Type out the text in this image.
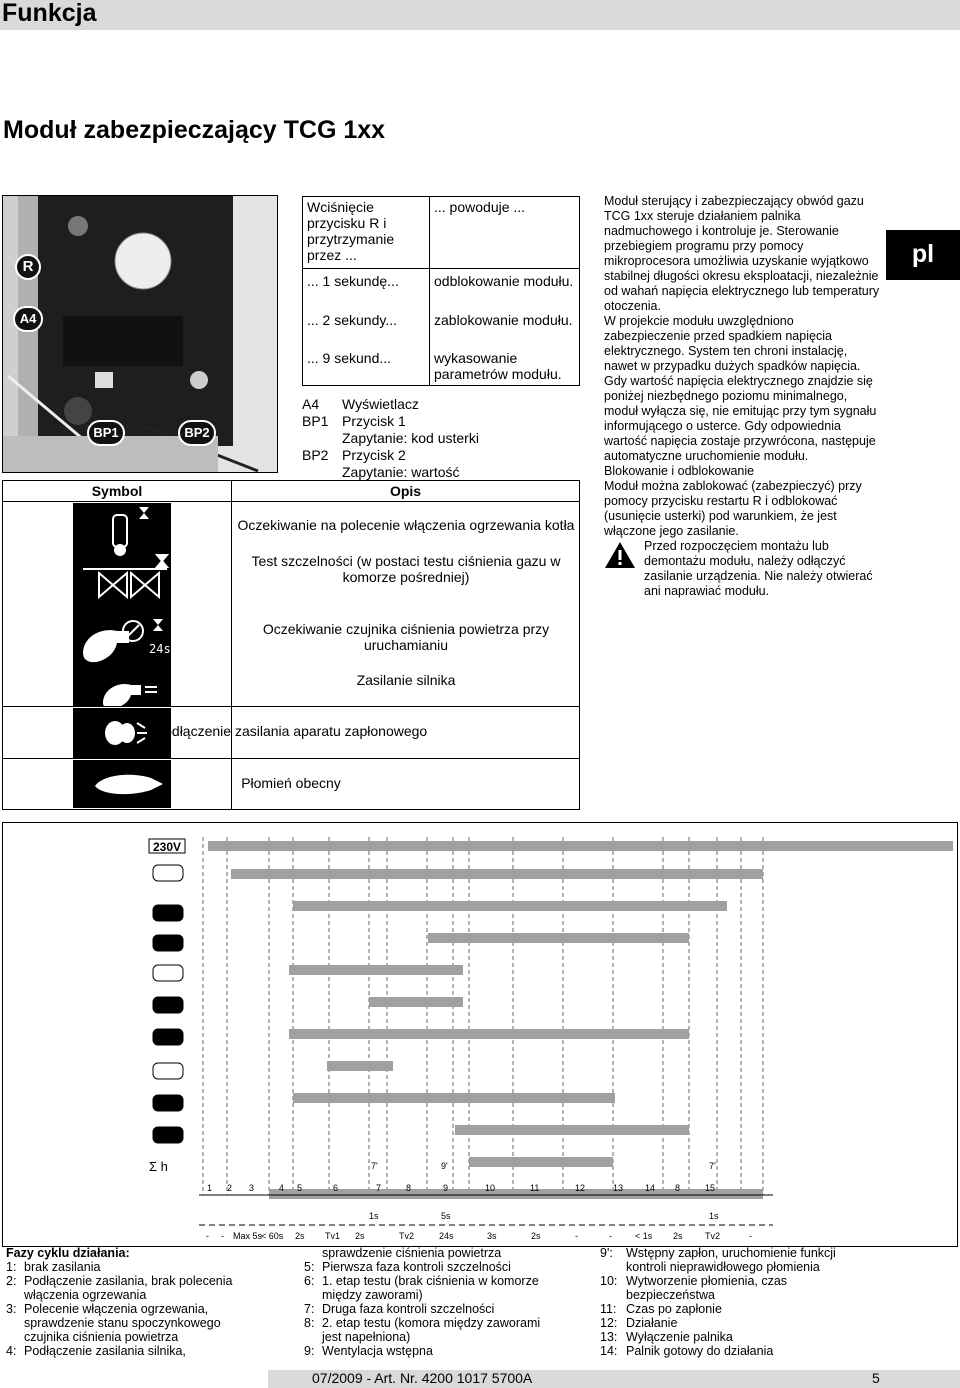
Funkcja
Moduł zabezpieczający TCG 1xx
pl
R
A4
BP1	BP2
Wciśnięcie przycisku R i przytrzymanie przez ...
... powoduje ...
... 1 sekundę...	odblokowanie modułu.
... 2 sekundy...	zablokowanie modułu.
... 9 sekund...	wykasowanie parametrów modułu.
A4 Wyświetlacz
BP1 Przycisk 1
Zapytanie: kod usterki
BP2 Przycisk 2
Zapytanie: wartość
Symbol	Opis
24s
Oczekiwanie na polecenie włączenia ogrzewania kotła
Test szczelności (w postaci testu ciśnienia gazu w komorze pośredniej)
Oczekiwanie czujnika ciśnienia powietrza przy uruchamianiu
Zasilanie silnika
Podłączenie zasilania aparatu zapłonowego
Płomień obecny
Moduł sterujący i zabezpieczający obwód gazu TCG 1xx steruje działaniem palnika nadmuchowego i kontroluje je. Sterowanie przebiegiem programu przy pomocy mikroprocesora umożliwia uzyskanie wyjątkowo stabilnej długości okresu eksploatacji, niezależnie od wahań napięcia elektrycznego lub temperatury otoczenia.
W projekcie modułu uwzględniono zabezpieczenie przed spadkiem napięcia elektrycznego. System ten chroni instalację, nawet w przypadku dużych spadków napięcia. Gdy wartość napięcia elektrycznego znajdzie się poniżej niezbędnego poziomu minimalnego, moduł wyłącza się, nie emitując przy tym sygnału informującego o usterce. Gdy odpowiednia wartość napięcia zostaje przywrócona, następuje automatyczne uruchomienie modułu.
Blokowanie i odblokowanie
Moduł można zablokować (zabezpieczyć) przy pomocy przycisku restartu R i odblokować (usunięcie usterki) pod warunkiem, że jest włączone jego zasilanie.
Przed rozpoczęciem montażu lub demontażu modułu, należy odłączyć zasilanie urządzenia. Nie należy otwierać ani naprawiać modułu.
230V
Σ h
1 2 3	4 5	6	7	8	9	10	11	12	13 14 8	15
7'	9'	7'
1s	5s	1s
- - Max 5s
< 60s 2s Tv1 2s	Tv2	24s	3s	2s	-	-	< 1s 2s Tv2	-
Fazy cyklu działania:
1: brak zasilania
2: Podłączenie zasilania, brak polecenia
włączenia ogrzewania
3: Polecenie włączenia ogrzewania,
sprawdzenie stanu spoczynkowego
czujnika ciśnienia powietrza
4: Podłączenie zasilania silnika,
sprawdzenie ciśnienia powietrza
5: Pierwsza faza kontroli szczelności
6: 1. etap testu (brak ciśnienia w komorze
między zaworami)
7: Druga faza kontroli szczelności
8: 2. etap testu (komora między zaworami
jest napełniona)
9: Wentylacja wstępna
9': Wstępny zapłon, uruchomienie funkcji
kontroli nieprawidłowego płomienia
10: Wytworzenie płomienia, czas
bezpieczeństwa
11: Czas po zapłonie
12: Działanie
13: Wyłączenie palnika
14: Palnik gotowy do działania
07/2009 - Art. Nr. 4200 1017 5700A	5
